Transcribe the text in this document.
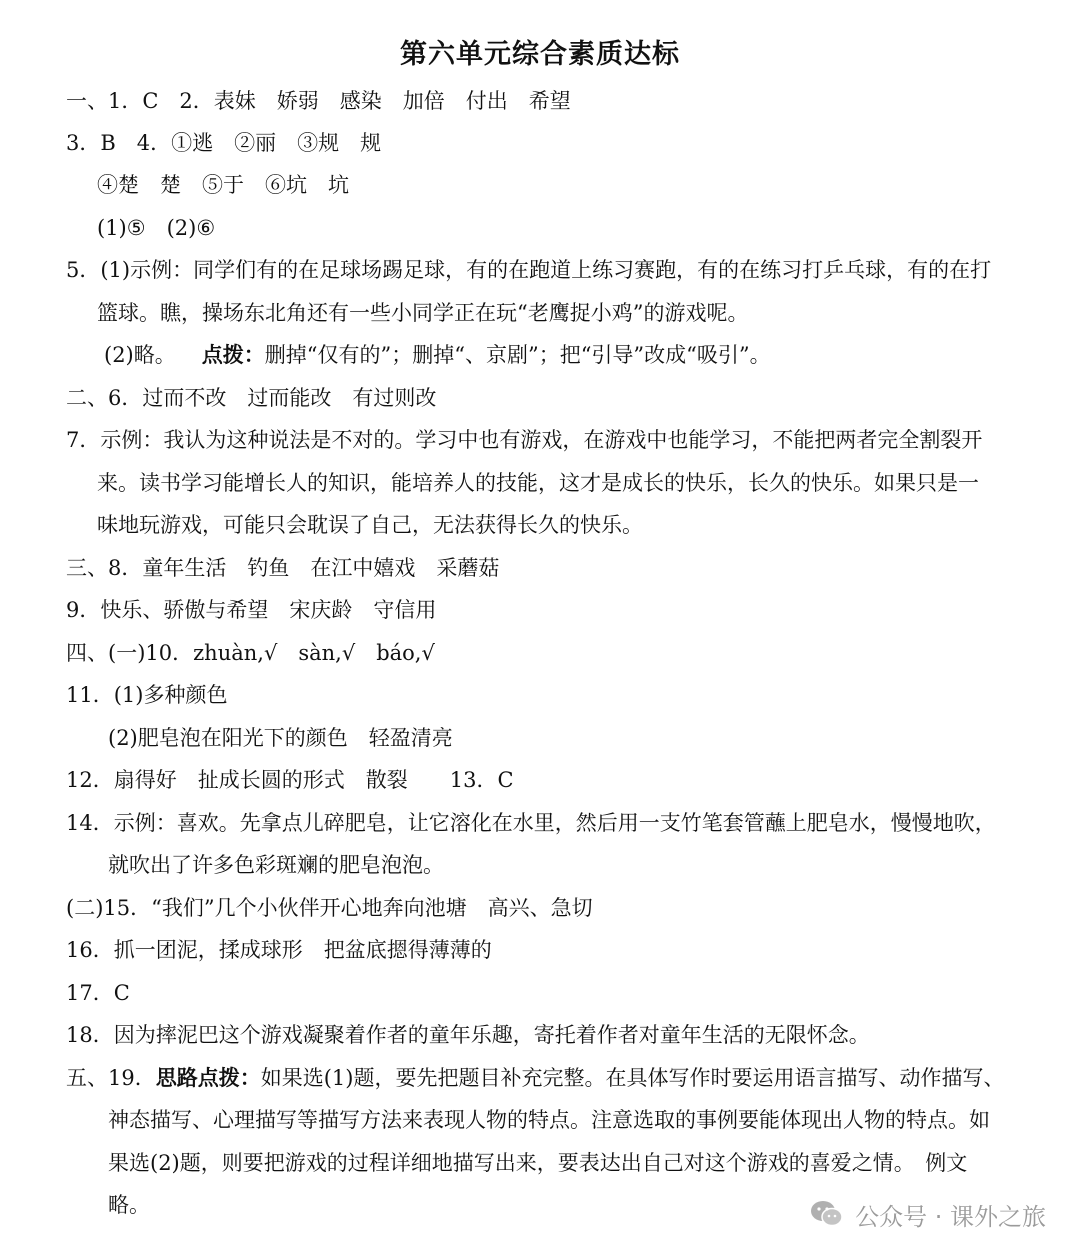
第六单元综合素质达标
一、1．C　2．表妹　娇弱　感染　加倍　付出　希望
3．B　4．①逃　②丽　③规　规
④楚　楚　⑤于　⑥坑　坑
(1)⑤　(2)⑥
5．(1)示例：同学们有的在足球场踢足球，有的在跑道上练习赛跑，有的在练习打乒乓球，有的在打
篮球。瞧，操场东北角还有一些小同学正在玩“老鹰捉小鸡”的游戏呢。
(2)略。 点拨：删掉“仅有的”；删掉“、京剧”；把“引导”改成“吸引”。
二、6．过而不改　过而能改　有过则改
7．示例：我认为这种说法是不对的。学习中也有游戏，在游戏中也能学习，不能把两者完全割裂开
来。读书学习能增长人的知识，能培养人的技能，这才是成长的快乐，长久的快乐。如果只是一
味地玩游戏，可能只会耽误了自己，无法获得长久的快乐。
三、8．童年生活　钓鱼　在江中嬉戏　采蘑菇
9．快乐、骄傲与希望　宋庆龄　守信用
四、(一)10．zhuàn,√　sàn,√　báo,√
11．(1)多种颜色
(2)肥皂泡在阳光下的颜色　轻盈清亮
12．扇得好　扯成长圆的形式　散裂　　13．C
14．示例：喜欢。先拿点儿碎肥皂，让它溶化在水里，然后用一支竹笔套管蘸上肥皂水，慢慢地吹，
就吹出了许多色彩斑斓的肥皂泡泡。
(二)15．“我们”几个小伙伴开心地奔向池塘　高兴、急切
16．抓一团泥，揉成球形　把盆底摁得薄薄的
17．C
18．因为摔泥巴这个游戏凝聚着作者的童年乐趣，寄托着作者对童年生活的无限怀念。
五、19．思路点拨：如果选(1)题，要先把题目补充完整。在具体写作时要运用语言描写、动作描写、
神态描写、心理描写等描写方法来表现人物的特点。注意选取的事例要能体现出人物的特点。如
果选(2)题，则要把游戏的过程详细地描写出来，要表达出自己对这个游戏的喜爱之情。　例文
略。	公众号 · 课外之旅
